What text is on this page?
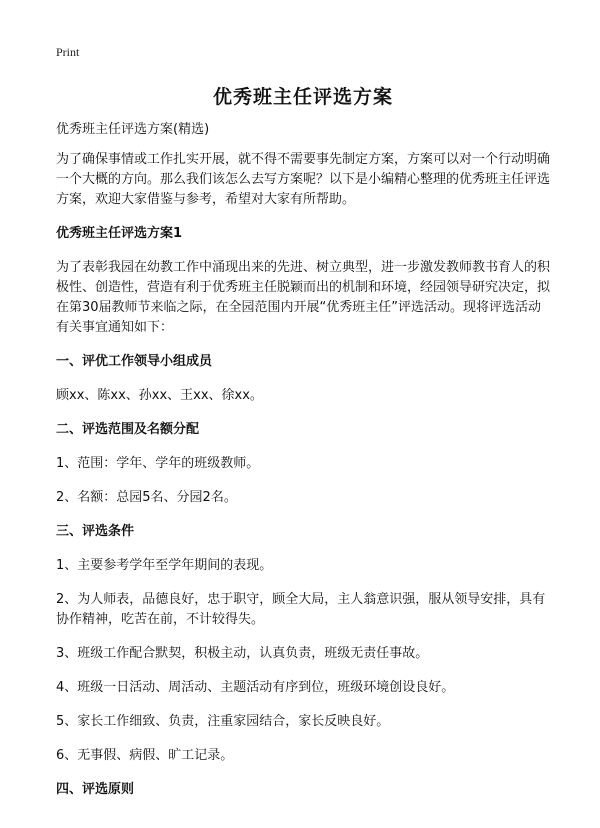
Print
优秀班主任评选方案

优秀班主任评选方案(精选)

为了确保事情或工作扎实开展，就不得不需要事先制定方案，方案可以对一个行动明确一个大概的方向。那么我们该怎么去写方案呢？以下是小编精心整理的优秀班主任评选方案，欢迎大家借鉴与参考，希望对大家有所帮助。

优秀班主任评选方案1

为了表彰我园在幼教工作中涌现出来的先进、树立典型，进一步激发教师教书育人的积极性、创造性，营造有利于优秀班主任脱颖而出的机制和环境，经园领导研究决定，拟在第30届教师节来临之际，在全园范围内开展“优秀班主任”评选活动。现将评选活动有关事宜通知如下：

一、评优工作领导小组成员

顾xx、陈xx、孙xx、王xx、徐xx。

二、评选范围及名额分配

1、范围：学年、学年的班级教师。

2、名额：总园5名、分园2名。

三、评选条件

1、主要参考学年至学年期间的表现。

2、为人师表，品德良好，忠于职守，顾全大局，主人翁意识强，服从领导安排，具有协作精神，吃苦在前，不计较得失。

3、班级工作配合默契，积极主动，认真负责，班级无责任事故。

4、班级一日活动、周活动、主题活动有序到位，班级环境创设良好。

5、家长工作细致、负责，注重家园结合，家长反映良好。

6、无事假、病假、旷工记录。

四、评选原则
